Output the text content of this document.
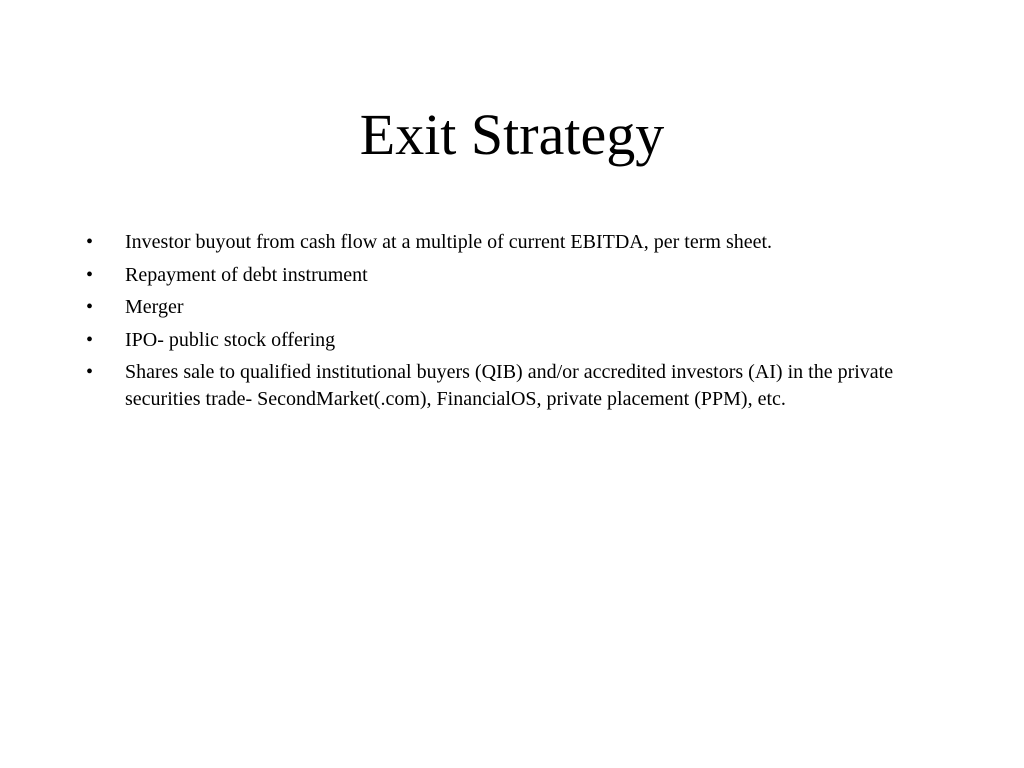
Exit Strategy
•	Investor buyout from cash flow at a multiple of current EBITDA, per term sheet.
•	Repayment of debt instrument
•	Merger
•	IPO- public stock offering
•	Shares sale to qualified institutional buyers (QIB) and/or accredited investors (AI) in the private securities trade- SecondMarket(.com), FinancialOS, private placement (PPM), etc.
